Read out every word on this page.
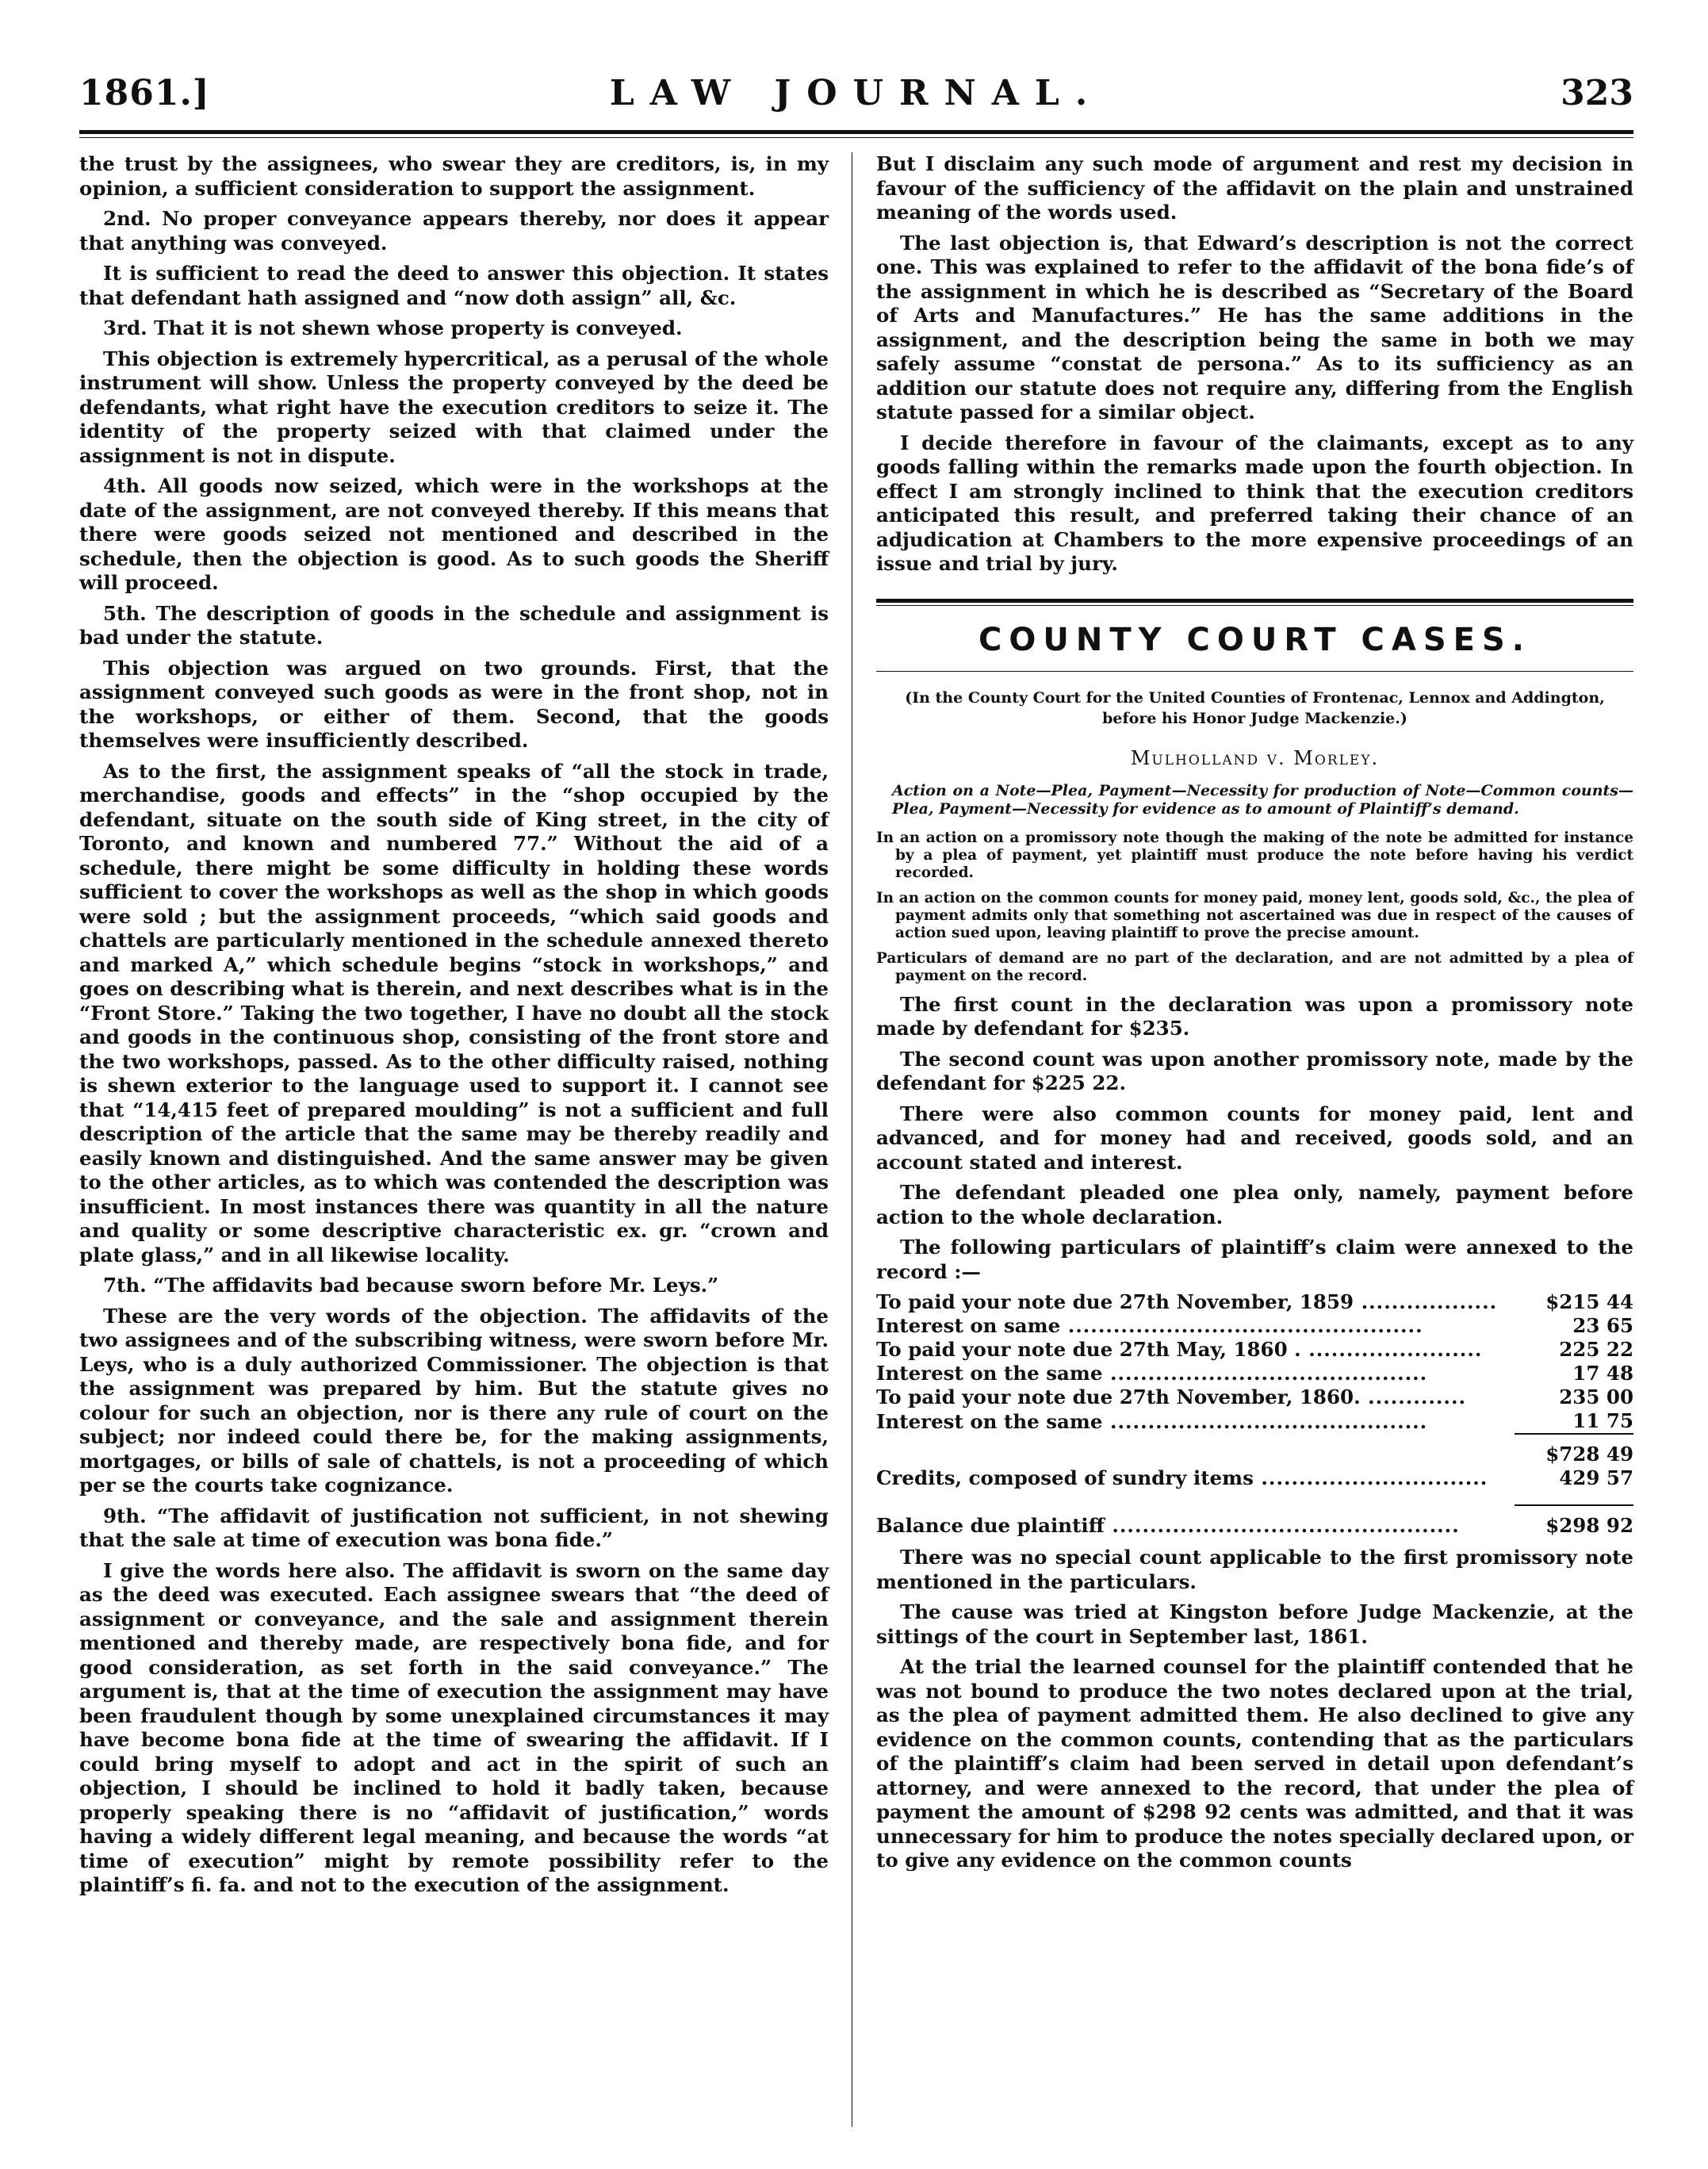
1861.]	LAW JOURNAL.	323

the trust by the assignees, who swear they are creditors, is, in my opinion, a sufficient consideration to support the assignment.

2nd. No proper conveyance appears thereby, nor does it appear that anything was conveyed.

It is sufficient to read the deed to answer this objection. It states that defendant hath assigned and “now doth assign” all, &c.

3rd. That it is not shewn whose property is conveyed.

This objection is extremely hypercritical, as a perusal of the whole instrument will show. Unless the property conveyed by the deed be defendants, what right have the execution creditors to seize it. The identity of the property seized with that claimed under the assignment is not in dispute.

4th. All goods now seized, which were in the workshops at the date of the assignment, are not conveyed thereby. If this means that there were goods seized not mentioned and described in the schedule, then the objection is good. As to such goods the Sheriff will proceed.

5th. The description of goods in the schedule and assignment is bad under the statute.

This objection was argued on two grounds. First, that the assignment conveyed such goods as were in the front shop, not in the workshops, or either of them. Second, that the goods themselves were insufficiently described.

As to the first, the assignment speaks of “all the stock in trade, merchandise, goods and effects” in the “shop occupied by the defendant, situate on the south side of King street, in the city of Toronto, and known and numbered 77.” Without the aid of a schedule, there might be some difficulty in holding these words sufficient to cover the workshops as well as the shop in which goods were sold ; but the assignment proceeds, “which said goods and chattels are particularly mentioned in the schedule annexed thereto and marked A,” which schedule begins “stock in workshops,” and goes on describing what is therein, and next describes what is in the “Front Store.” Taking the two together, I have no doubt all the stock and goods in the continuous shop, consisting of the front store and the two workshops, passed. As to the other difficulty raised, nothing is shewn exterior to the language used to support it. I cannot see that “14,415 feet of prepared moulding” is not a sufficient and full description of the article that the same may be thereby readily and easily known and distinguished. And the same answer may be given to the other articles, as to which was contended the description was insufficient. In most instances there was quantity in all the nature and quality or some descriptive characteristic ex. gr. “crown and plate glass,” and in all likewise locality.

7th. “The affidavits bad because sworn before Mr. Leys.”

These are the very words of the objection. The affidavits of the two assignees and of the subscribing witness, were sworn before Mr. Leys, who is a duly authorized Commissioner. The objection is that the assignment was prepared by him. But the statute gives no colour for such an objection, nor is there any rule of court on the subject; nor indeed could there be, for the making assignments, mortgages, or bills of sale of chattels, is not a proceeding of which per se the courts take cognizance.

9th. “The affidavit of justification not sufficient, in not shewing that the sale at time of execution was bona fide.”

I give the words here also. The affidavit is sworn on the same day as the deed was executed. Each assignee swears that “the deed of assignment or conveyance, and the sale and assignment therein mentioned and thereby made, are respectively bona fide, and for good consideration, as set forth in the said conveyance.” The argument is, that at the time of execution the assignment may have been fraudulent though by some unexplained circumstances it may have become bona fide at the time of swearing the affidavit. If I could bring myself to adopt and act in the spirit of such an objection, I should be inclined to hold it badly taken, because properly speaking there is no “affidavit of justification,” words having a widely different legal meaning, and because the words “at time of execution” might by remote possibility refer to the plaintiff’s fi. fa. and not to the execution of the assignment.

But I disclaim any such mode of argument and rest my decision in favour of the sufficiency of the affidavit on the plain and unstrained meaning of the words used.

The last objection is, that Edward’s description is not the correct one. This was explained to refer to the affidavit of the bona fide’s of the assignment in which he is described as “Secretary of the Board of Arts and Manufactures.” He has the same additions in the assignment, and the description being the same in both we may safely assume “constat de persona.” As to its sufficiency as an addition our statute does not require any, differing from the English statute passed for a similar object.

I decide therefore in favour of the claimants, except as to any goods falling within the remarks made upon the fourth objection. In effect I am strongly inclined to think that the execution creditors anticipated this result, and preferred taking their chance of an adjudication at Chambers to the more expensive proceedings of an issue and trial by jury.

COUNTY COURT CASES.

(In the County Court for the United Counties of Frontenac, Lennox and Addington, before his Honor Judge Mackenzie.)

Mulholland v. Morley.

Action on a Note—Plea, Payment—Necessity for production of Note—Common counts—Plea, Payment—Necessity for evidence as to amount of Plaintiff’s demand.

In an action on a promissory note though the making of the note be admitted for instance by a plea of payment, yet plaintiff must produce the note before having his verdict recorded.

In an action on the common counts for money paid, money lent, goods sold, &c., the plea of payment admits only that something not ascertained was due in respect of the causes of action sued upon, leaving plaintiff to prove the precise amount.

Particulars of demand are no part of the declaration, and are not admitted by a plea of payment on the record.

The first count in the declaration was upon a promissory note made by defendant for $235.

The second count was upon another promissory note, made by the defendant for $225 22.

There were also common counts for money paid, lent and advanced, and for money had and received, goods sold, and an account stated and interest.

The defendant pleaded one plea only, namely, payment before action to the whole declaration.

The following particulars of plaintiff’s claim were annexed to the record :—

To paid your note due 27th November, 1859 ..................	$215 44
Interest on same ...............................................	23 65
To paid your note due 27th May, 1860 . .......................	225 22
Interest on the same ..........................................	17 48
To paid your note due 27th November, 1860. .............	235 00
Interest on the same ..........................................	11 75
	$728 49
Credits, composed of sundry items ..............................	429 57

Balance due plaintiff ..............................................	$298 92

There was no special count applicable to the first promissory note mentioned in the particulars.

The cause was tried at Kingston before Judge Mackenzie, at the sittings of the court in September last, 1861.

At the trial the learned counsel for the plaintiff contended that he was not bound to produce the two notes declared upon at the trial, as the plea of payment admitted them. He also declined to give any evidence on the common counts, contending that as the particulars of the plaintiff’s claim had been served in detail upon defendant’s attorney, and were annexed to the record, that under the plea of payment the amount of $298 92 cents was admitted, and that it was unnecessary for him to produce the notes specially declared upon, or to give any evidence on the common counts
